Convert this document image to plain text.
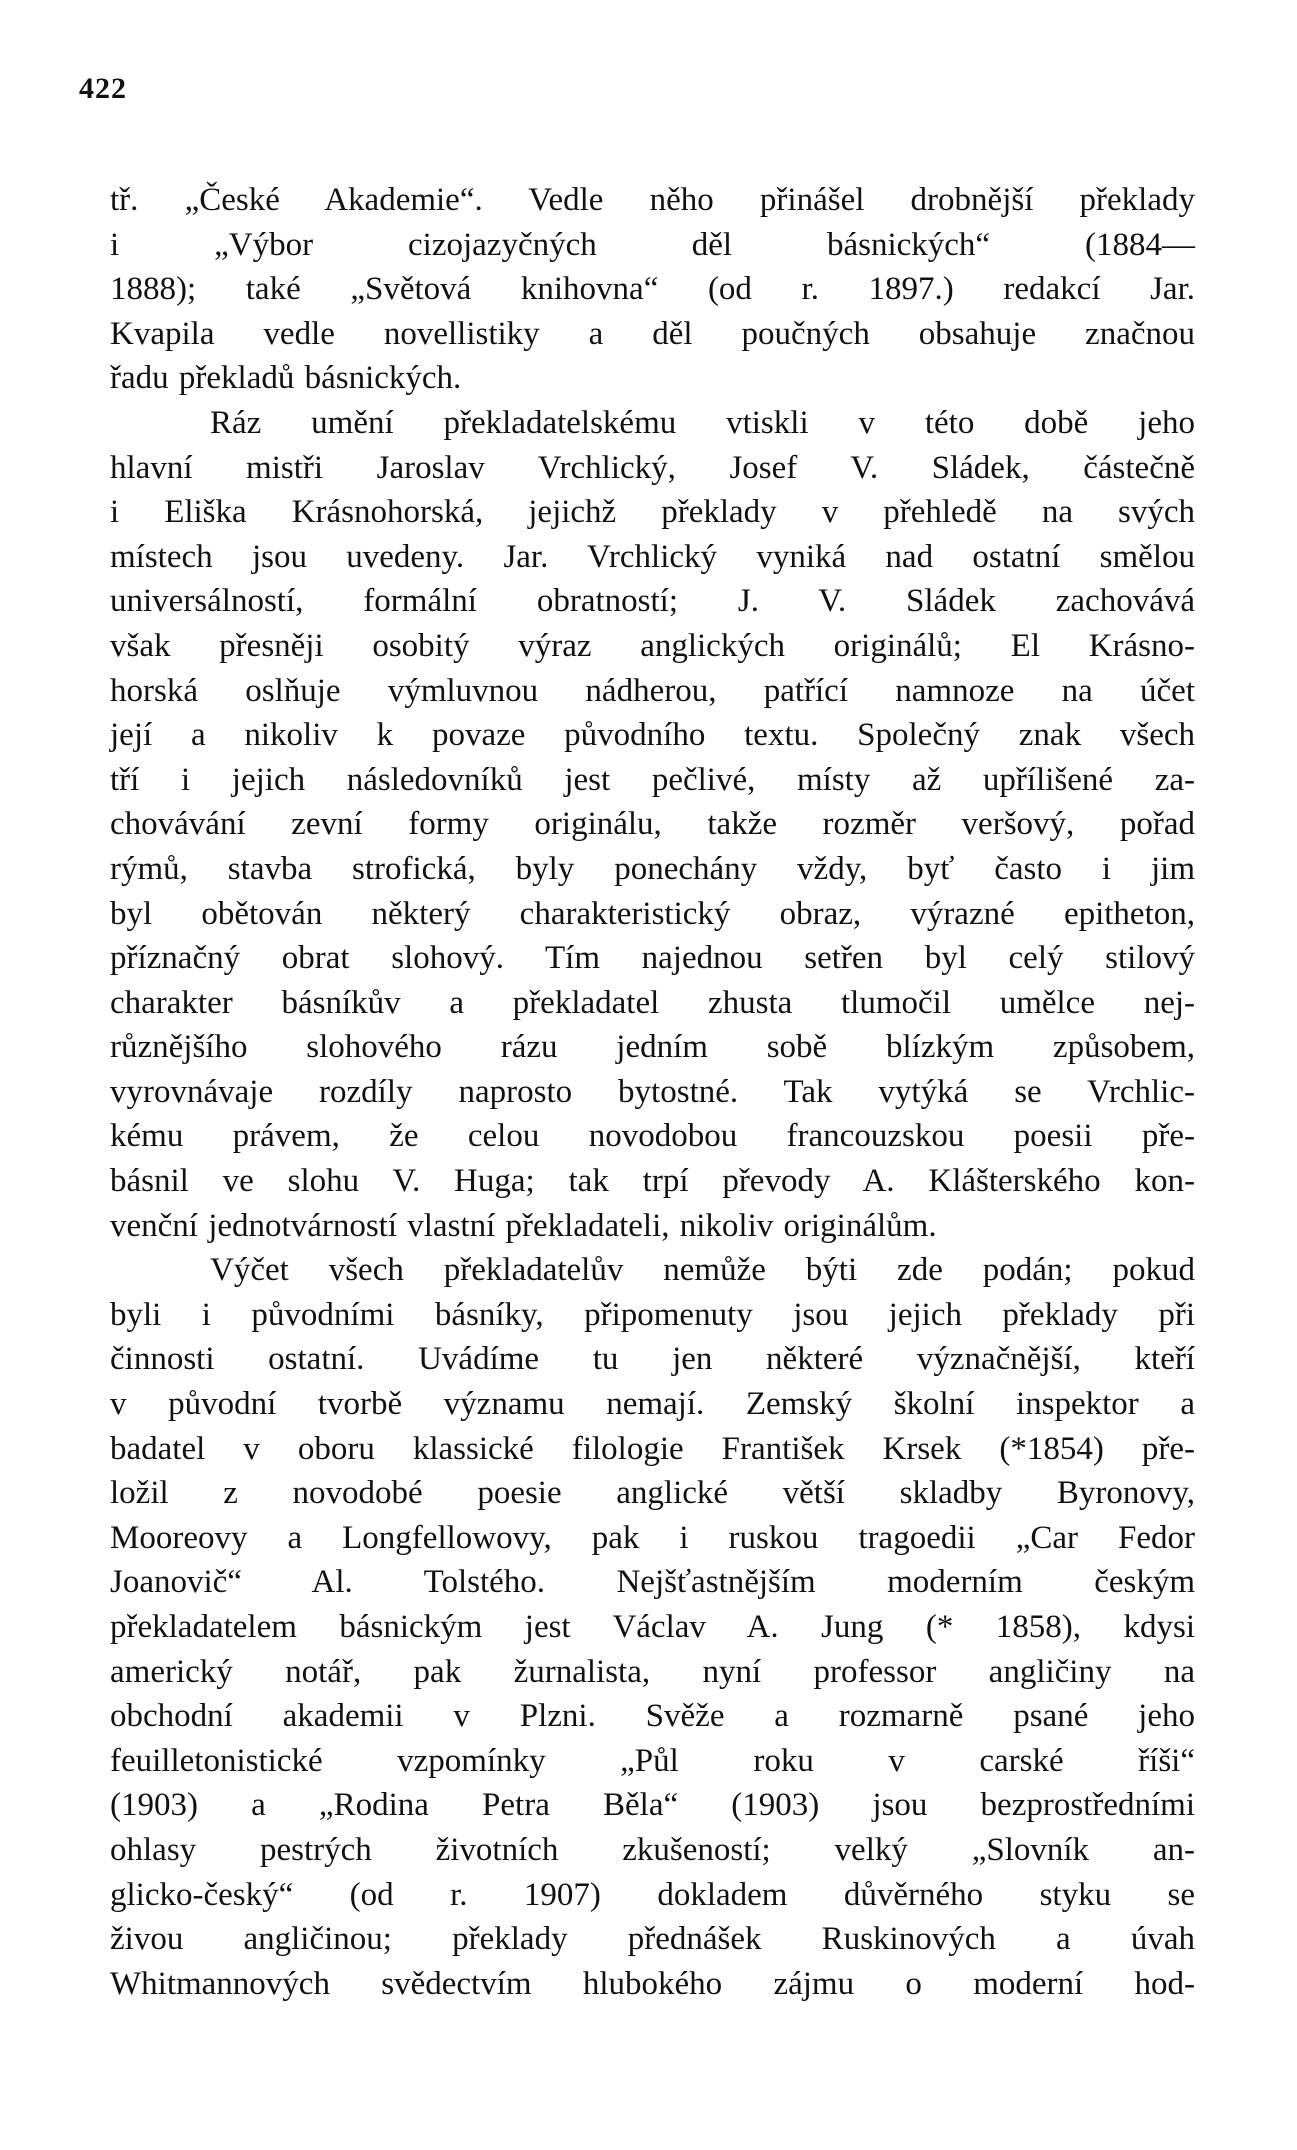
422
tř. „České Akademie“. Vedle něho přinášel drobnější překlady
i „Výbor cizojazyčných děl básnických“ (1884—
1888); také „Světová knihovna“ (od r. 1897.) redakcí Jar.
Kvapila vedle novellistiky a děl poučných obsahuje značnou
řadu překladů básnických.
Ráz umění překladatelskému vtiskli v této době jeho
hlavní mistři Jaroslav Vrchlický, Josef V. Sládek, částečně
i Eliška Krásnohorská, jejichž překlady v přehledě na svých
místech jsou uvedeny. Jar. Vrchlický vyniká nad ostatní smělou
universálností, formální obratností; J. V. Sládek zachovává
však přesněji osobitý výraz anglických originálů; El Krásno-
horská oslňuje výmluvnou nádherou, patřící namnoze na účet
její a nikoliv k povaze původního textu. Společný znak všech
tří i jejich následovníků jest pečlivé, místy až upřílišené za-
chovávání zevní formy originálu, takže rozměr veršový, pořad
rýmů, stavba strofická, byly ponechány vždy, byť často i jim
byl obětován některý charakteristický obraz, výrazné epitheton,
příznačný obrat slohový. Tím najednou setřen byl celý stilový
charakter básníkův a překladatel zhusta tlumočil umělce nej-
různějšího slohového rázu jedním sobě blízkým způsobem,
vyrovnávaje rozdíly naprosto bytostné. Tak vytýká se Vrchlic-
kému právem, že celou novodobou francouzskou poesii pře-
básnil ve slohu V. Huga; tak trpí převody A. Klášterského kon-
venční jednotvárností vlastní překladateli, nikoliv originálům.
Výčet všech překladatelův nemůže býti zde podán; pokud
byli i původními básníky, připomenuty jsou jejich překlady při
činnosti ostatní. Uvádíme tu jen některé význačnější, kteří
v původní tvorbě významu nemají. Zemský školní inspektor a
badatel v oboru klassické filologie František Krsek (*1854) pře-
ložil z novodobé poesie anglické větší skladby Byronovy,
Mooreovy a Longfellowovy, pak i ruskou tragoedii „Car Fedor
Joanovič“ Al. Tolstého. Nejšťastnějším moderním českým
překladatelem básnickým jest Václav A. Jung (* 1858), kdysi
americký notář, pak žurnalista, nyní professor angličiny na
obchodní akademii v Plzni. Svěže a rozmarně psané jeho
feuilletonistické vzpomínky „Půl roku v carské říši“
(1903) a „Rodina Petra Běla“ (1903) jsou bezprostředními
ohlasy pestrých životních zkušeností; velký „Slovník an-
glicko-český“ (od r. 1907) dokladem důvěrného styku se
živou angličinou; překlady přednášek Ruskinových a úvah
Whitmannových svědectvím hlubokého zájmu o moderní hod-
